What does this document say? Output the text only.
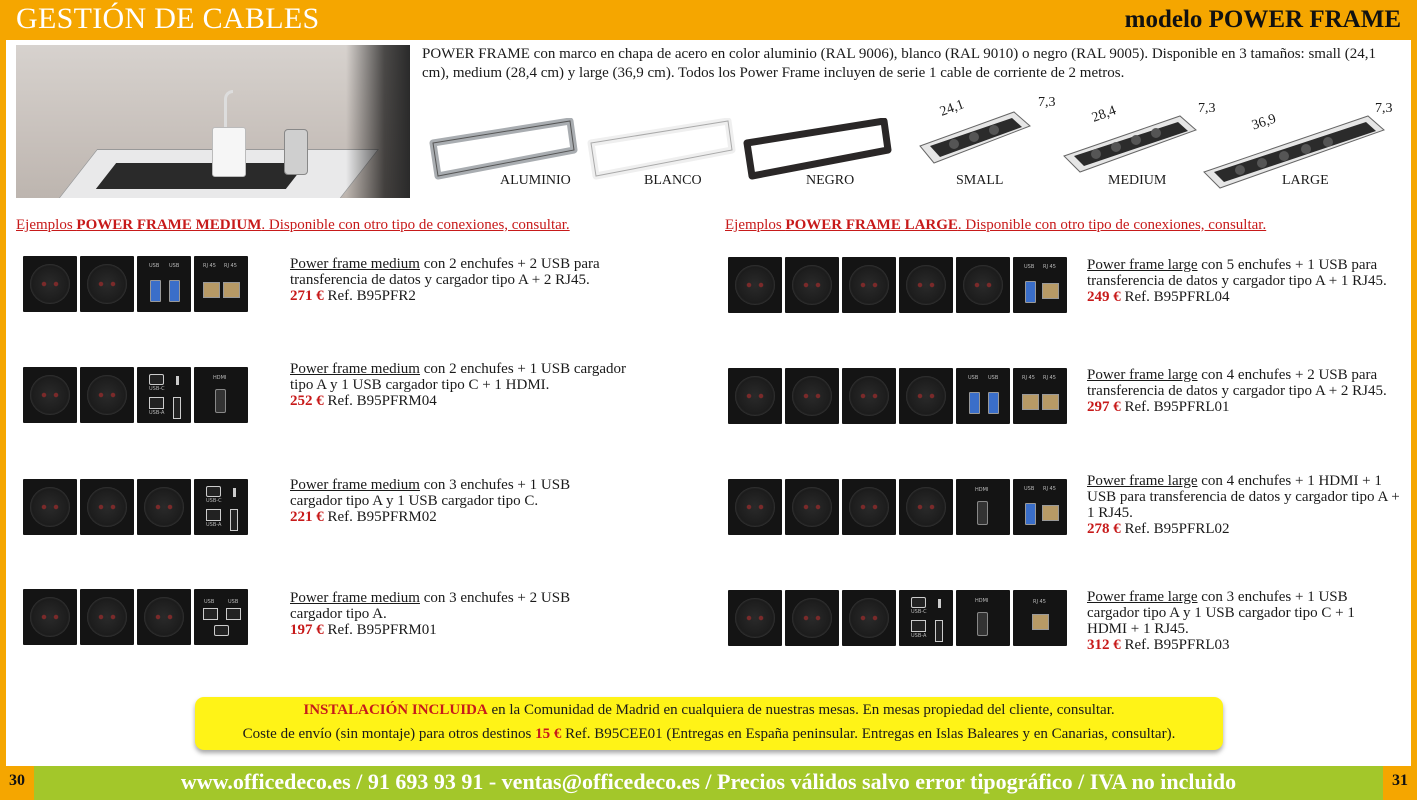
GESTIÓN DE CABLES	modelo POWER FRAME
POWER FRAME con marco en chapa de acero en color aluminio (RAL 9006), blanco (RAL 9010) o negro (RAL 9005). Disponible en 3 tamaños: small (24,1 cm), medium (28,4 cm) y large (36,9 cm). Todos los Power Frame incluyen de serie 1 cable de corriente de 2 metros.
ALUMINIO	BLANCO	NEGRO
24,1	7,3
SMALL
28,4	7,3
MEDIUM
36,9
7,3
LARGE
Ejemplos POWER FRAME MEDIUM. Disponible con otro tipo de conexiones, consultar.	Ejemplos POWER FRAME LARGE. Disponible con otro tipo de conexiones, consultar.
USB USB	RJ 45 RJ 45	Power frame medium con 2 enchufes + 2 USB para transferencia de datos y cargador tipo A + 2 RJ45.
271 € Ref. B95PFR2
USB-C
USB-A
HDMI
Power frame medium con 2 enchufes + 1 USB cargador tipo A y 1 USB cargador tipo C + 1 HDMI.
252 € Ref. B95PFRM04
USB-C
USB-A
Power frame medium con 3 enchufes + 1 USB cargador tipo A y 1 USB cargador tipo C.
221 € Ref. B95PFRM02
USB	USB	Power frame medium con 3 enchufes + 2 USB cargador tipo A.
197 € Ref. B95PFRM01
USB RJ 45 Power frame large con 5 enchufes + 1 USB para transferencia de datos y cargador tipo A + 1 RJ45.
249 € Ref. B95PFRL04
USB USB	RJ 45 RJ 45 Power frame large con 4 enchufes + 2 USB para transferencia de datos y cargador tipo A + 2 RJ45.
297 € Ref. B95PFRL01
HDMI	USB RJ 45 Power frame large con 4 enchufes + 1 HDMI + 1 USB para transferencia de datos y cargador tipo A + 1 RJ45.
278 € Ref. B95PFRL02
USB-C
USB-A
HDMI	RJ 45	Power frame large con 3 enchufes + 1 USB cargador tipo A y 1 USB cargador tipo C + 1 HDMI + 1 RJ45.
312 € Ref. B95PFRL03
INSTALACIÓN INCLUIDA en la Comunidad de Madrid en cualquiera de nuestras mesas. En mesas propiedad del cliente, consultar.
Coste de envío (sin montaje) para otros destinos 15 € Ref. B95CEE01 (Entregas en España peninsular. Entregas en Islas Baleares y en Canarias, consultar).
www.officedeco.es / 91 693 93 91 - ventas@officedeco.es / Precios válidos salvo error tipográfico / IVA no incluido
30	31
